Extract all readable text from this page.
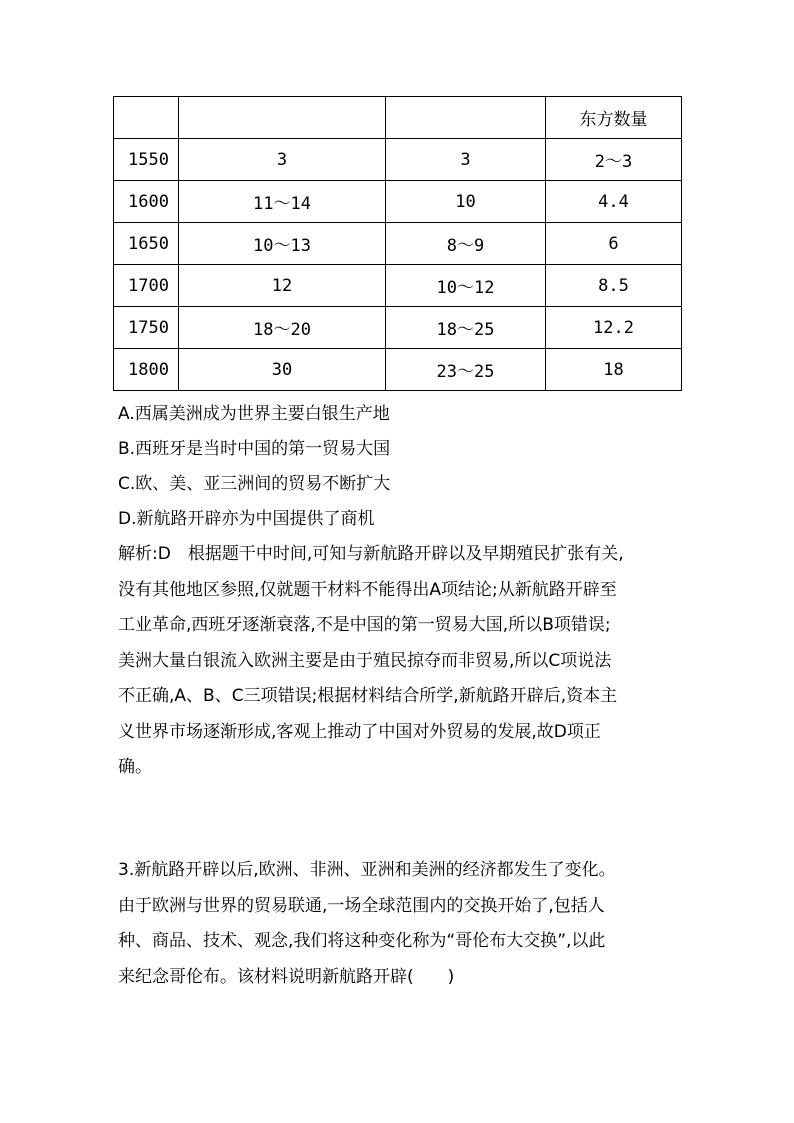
			东方数量
1550	3	3	2～3
1600	11～14	10	4.4
1650	10～13	8～9	6
1700	12	10～12	8.5
1750	18～20	18～25	12.2
1800	30	23～25	18
A.西属美洲成为世界主要白银生产地
B.西班牙是当时中国的第一贸易大国
C.欧、美、亚三洲间的贸易不断扩大
D.新航路开辟亦为中国提供了商机
解析:D　根据题干中时间,可知与新航路开辟以及早期殖民扩张有关,
没有其他地区参照,仅就题干材料不能得出A项结论;从新航路开辟至
工业革命,西班牙逐渐衰落,不是中国的第一贸易大国,所以B项错误;
美洲大量白银流入欧洲主要是由于殖民掠夺而非贸易,所以C项说法
不正确,A、B、C三项错误;根据材料结合所学,新航路开辟后,资本主
义世界市场逐渐形成,客观上推动了中国对外贸易的发展,故D项正
确。
3.新航路开辟以后,欧洲、非洲、亚洲和美洲的经济都发生了变化。
由于欧洲与世界的贸易联通,一场全球范围内的交换开始了,包括人
种、商品、技术、观念,我们将这种变化称为“哥伦布大交换”,以此
来纪念哥伦布。该材料说明新航路开辟(　　)
